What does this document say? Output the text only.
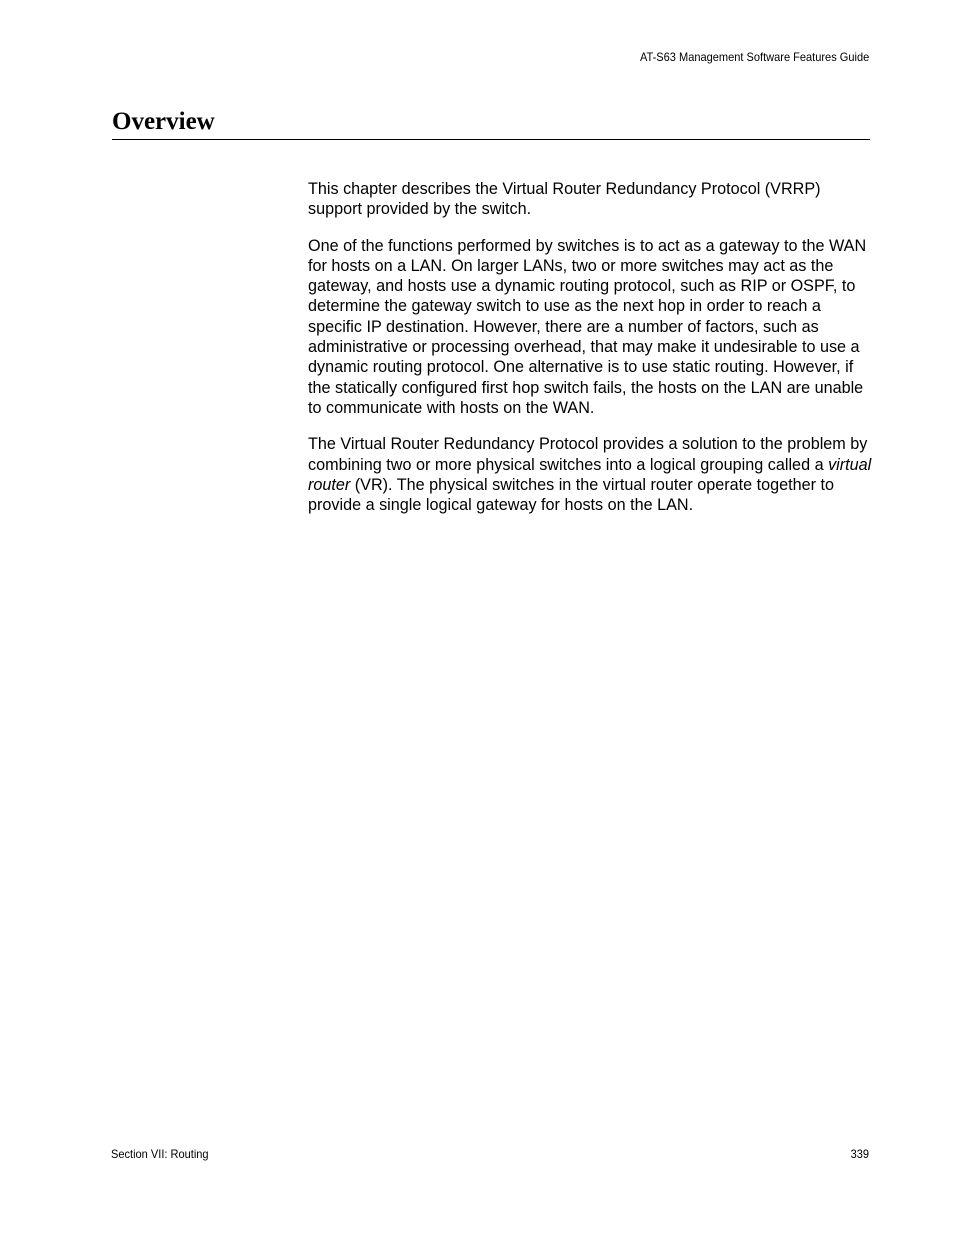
AT-S63 Management Software Features Guide
Overview

This chapter describes the Virtual Router Redundancy Protocol (VRRP) support provided by the switch.

One of the functions performed by switches is to act as a gateway to the WAN for hosts on a LAN. On larger LANs, two or more switches may act as the gateway, and hosts use a dynamic routing protocol, such as RIP or OSPF, to determine the gateway switch to use as the next hop in order to reach a specific IP destination. However, there are a number of factors, such as administrative or processing overhead, that may make it undesirable to use a dynamic routing protocol. One alternative is to use static routing. However, if the statically configured first hop switch fails, the hosts on the LAN are unable to communicate with hosts on the WAN.

The Virtual Router Redundancy Protocol provides a solution to the problem by combining two or more physical switches into a logical grouping called a virtual router (VR). The physical switches in the virtual router operate together to provide a single logical gateway for hosts on the LAN.

Section VII: Routing	339
